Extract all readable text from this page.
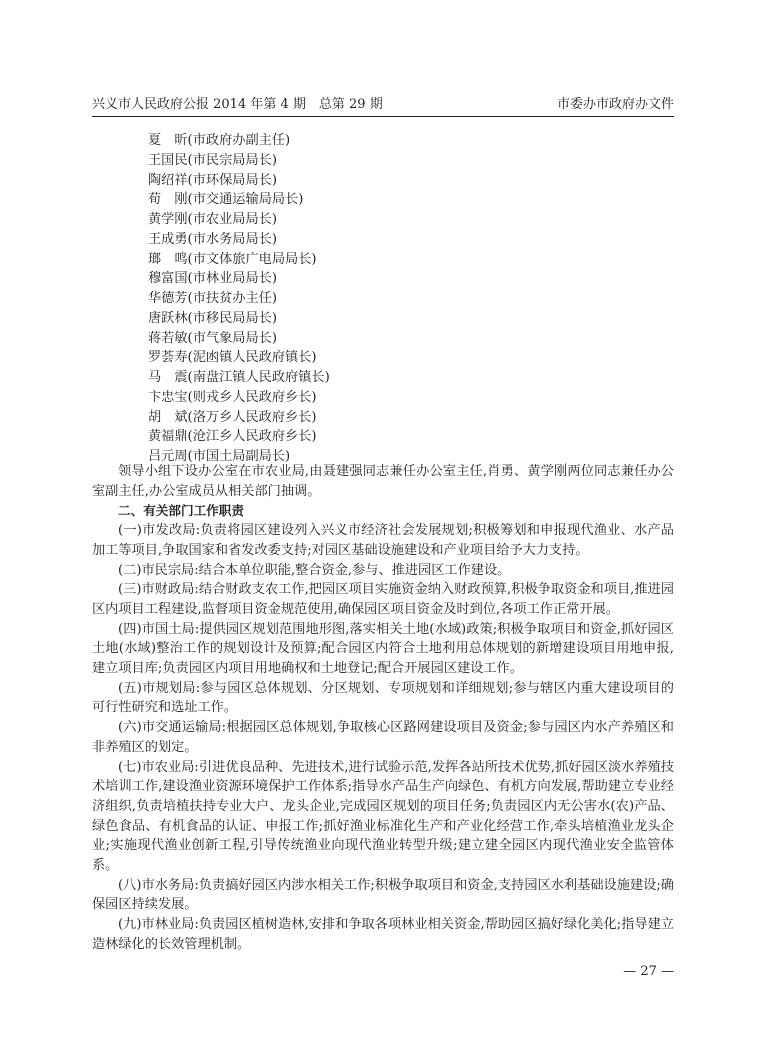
兴义市人民政府公报 2014 年第 4 期　总第 29 期	市委办市政府办文件
夏　昕(市政府办副主任)
王国民(市民宗局局长)
陶绍祥(市环保局局长)
荀　刚(市交通运输局局长)
黄学刚(市农业局局长)
王成勇(市水务局局长)
瑯　鸣(市文体旅广电局局长)
穆富国(市林业局局长)
华德芳(市扶贫办主任)
唐跃林(市移民局局长)
蒋若敏(市气象局局长)
罗荟寿(泥凼镇人民政府镇长)
马　震(南盘江镇人民政府镇长)
卞忠宝(则戎乡人民政府乡长)
胡　斌(洛万乡人民政府乡长)
黄福鼎(沧江乡人民政府乡长)
吕元周(市国土局副局长)

领导小组下设办公室在市农业局,由聂建强同志兼任办公室主任,肖勇、黄学刚两位同志兼任办公室副主任,办公室成员从相关部门抽调。

二、有关部门工作职责

(一)市发改局:负责将园区建设列入兴义市经济社会发展规划;积极筹划和申报现代渔业、水产品加工等项目,争取国家和省发改委支持;对园区基础设施建设和产业项目给予大力支持。

(二)市民宗局:结合本单位职能,整合资金,参与、推进园区工作建设。

(三)市财政局:结合财政支农工作,把园区项目实施资金纳入财政预算,积极争取资金和项目,推进园区内项目工程建设,监督项目资金规范使用,确保园区项目资金及时到位,各项工作正常开展。

(四)市国土局:提供园区规划范围地形图,落实相关土地(水域)政策;积极争取项目和资金,抓好园区土地(水域)整治工作的规划设计及预算;配合园区内符合土地利用总体规划的新增建设项目用地申报,建立项目库;负责园区内项目用地确权和土地登记;配合开展园区建设工作。

(五)市规划局:参与园区总体规划、分区规划、专项规划和详细规划;参与辖区内重大建设项目的可行性研究和选址工作。

(六)市交通运输局:根据园区总体规划,争取核心区路网建设项目及资金;参与园区内水产养殖区和非养殖区的划定。

(七)市农业局:引进优良品种、先进技术,进行试验示范,发挥各站所技术优势,抓好园区淡水养殖技术培训工作,建设渔业资源环境保护工作体系;指导水产品生产向绿色、有机方向发展,帮助建立专业经济组织,负责培植扶持专业大户、龙头企业,完成园区规划的项目任务;负责园区内无公害水(农)产品、绿色食品、有机食品的认证、申报工作;抓好渔业标准化生产和产业化经营工作,牵头培植渔业龙头企业;实施现代渔业创新工程,引导传统渔业向现代渔业转型升级;建立建全园区内现代渔业安全监管体系。

(八)市水务局:负责搞好园区内涉水相关工作;积极争取项目和资金,支持园区水利基础设施建设;确保园区持续发展。

(九)市林业局:负责园区植树造林,安排和争取各项林业相关资金,帮助园区搞好绿化美化;指导建立造林绿化的长效管理机制。

— 27 —
